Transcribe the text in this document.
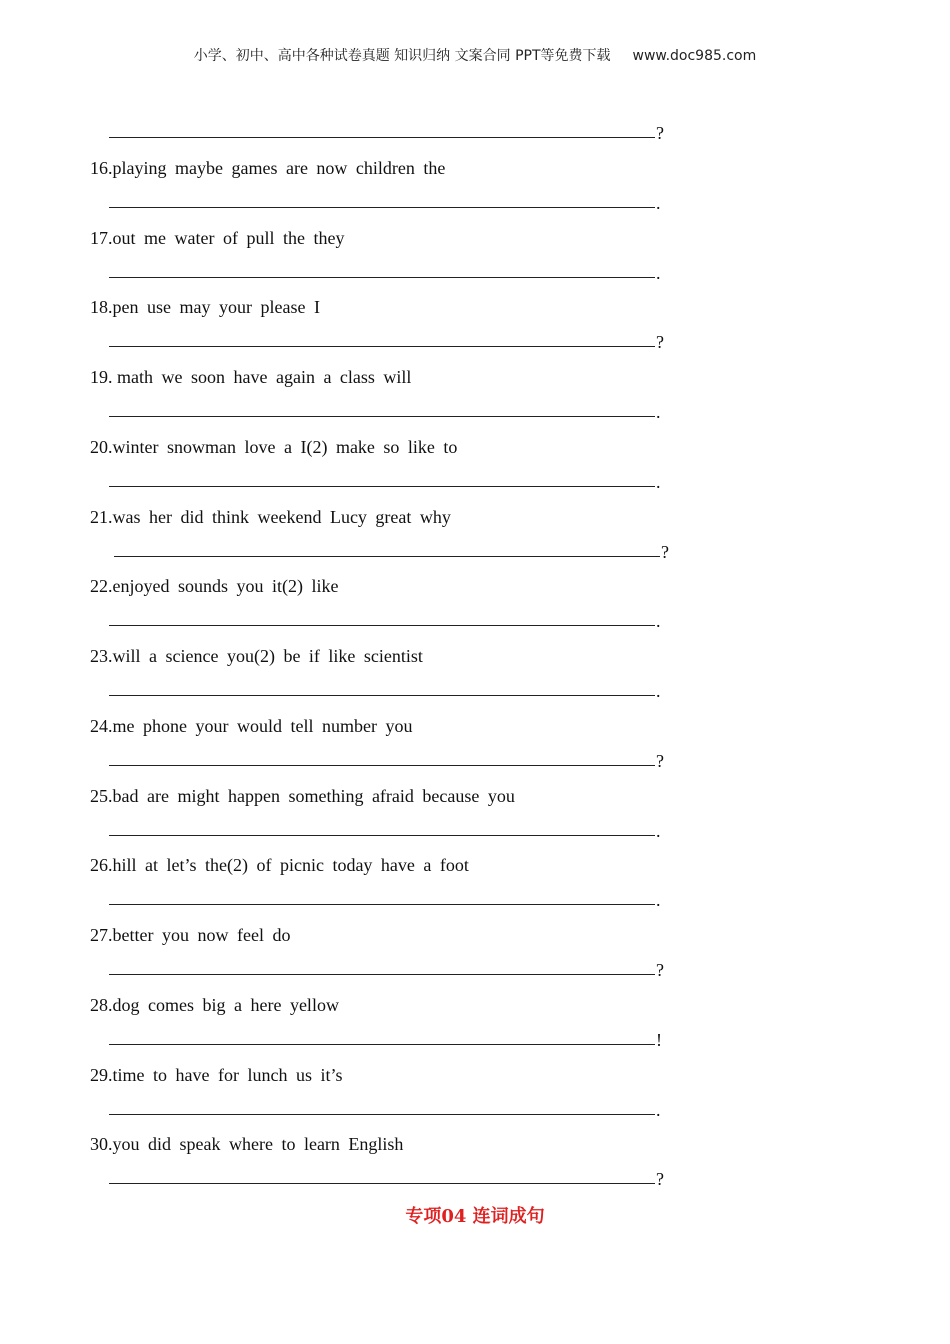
小学、初中、高中各种试卷真题 知识归纳 文案合同 PPT等免费下载 www.doc985.com
?
16.playing maybe games are now children the
.
17.out me water of pull the they
.
18.pen use may your please I
?
19. math we soon have again a class will
.
20.winter snowman love a I(2) make so like to
.
21.was her did think weekend Lucy great why
?
22.enjoyed sounds you it(2) like
.
23.will a science you(2) be if like scientist
.
24.me phone your would tell number you
?
25.bad are might happen something afraid because you
.
26.hill at let’s the(2) of picnic today have a foot
.
27.better you now feel do
?
28.dog comes big a here yellow
!
29.time to have for lunch us it’s
.
30.you did speak where to learn English
?
专项04 连词成句
